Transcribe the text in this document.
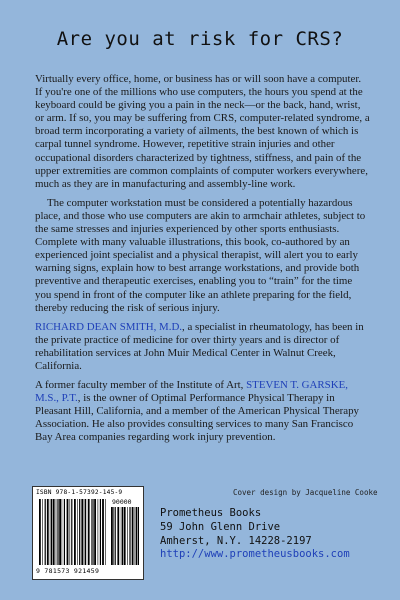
Are you at risk for CRS?

Virtually every office, home, or business has or will soon have a computer. If you're one of the millions who use computers, the hours you spend at the keyboard could be giving you a pain in the neck—or the back, hand, wrist, or arm. If so, you may be suffering from CRS, computer-related syndrome, a broad term incorporating a variety of ailments, the best known of which is carpal tunnel syndrome. However, repetitive strain injuries and other occupational disorders characterized by tightness, stiffness, and pain of the upper extremities are common complaints of computer workers everywhere, much as they are in manufacturing and assembly-line work.

The computer workstation must be considered a potentially hazardous place, and those who use computers are akin to armchair athletes, subject to the same stresses and injuries experienced by other sports enthusiasts. Complete with many valuable illustrations, this book, co-authored by an experienced joint specialist and a physical therapist, will alert you to early warning signs, explain how to best arrange workstations, and provide both preventive and therapeutic exercises, enabling you to “train” for the time you spend in front of the computer like an athlete preparing for the field, thereby reducing the risk of serious injury.

RICHARD DEAN SMITH, M.D., a specialist in rheumatology, has been in the private practice of medicine for over thirty years and is director of rehabilitation services at John Muir Medical Center in Walnut Creek, California.

A former faculty member of the Institute of Art, STEVEN T. GARSKE, M.S., P.T., is the owner of Optimal Performance Physical Therapy in Pleasant Hill, California, and a member of the American Physical Therapy Association. He also provides consulting services to many San Francisco Bay Area companies regarding work injury prevention.

ISBN 978-1-57392-145-9
90000
9 781573 921459
Cover design by Jacqueline Cooke
Prometheus Books
59 John Glenn Drive
Amherst, N.Y. 14228-2197
http://www.prometheusbooks.com
